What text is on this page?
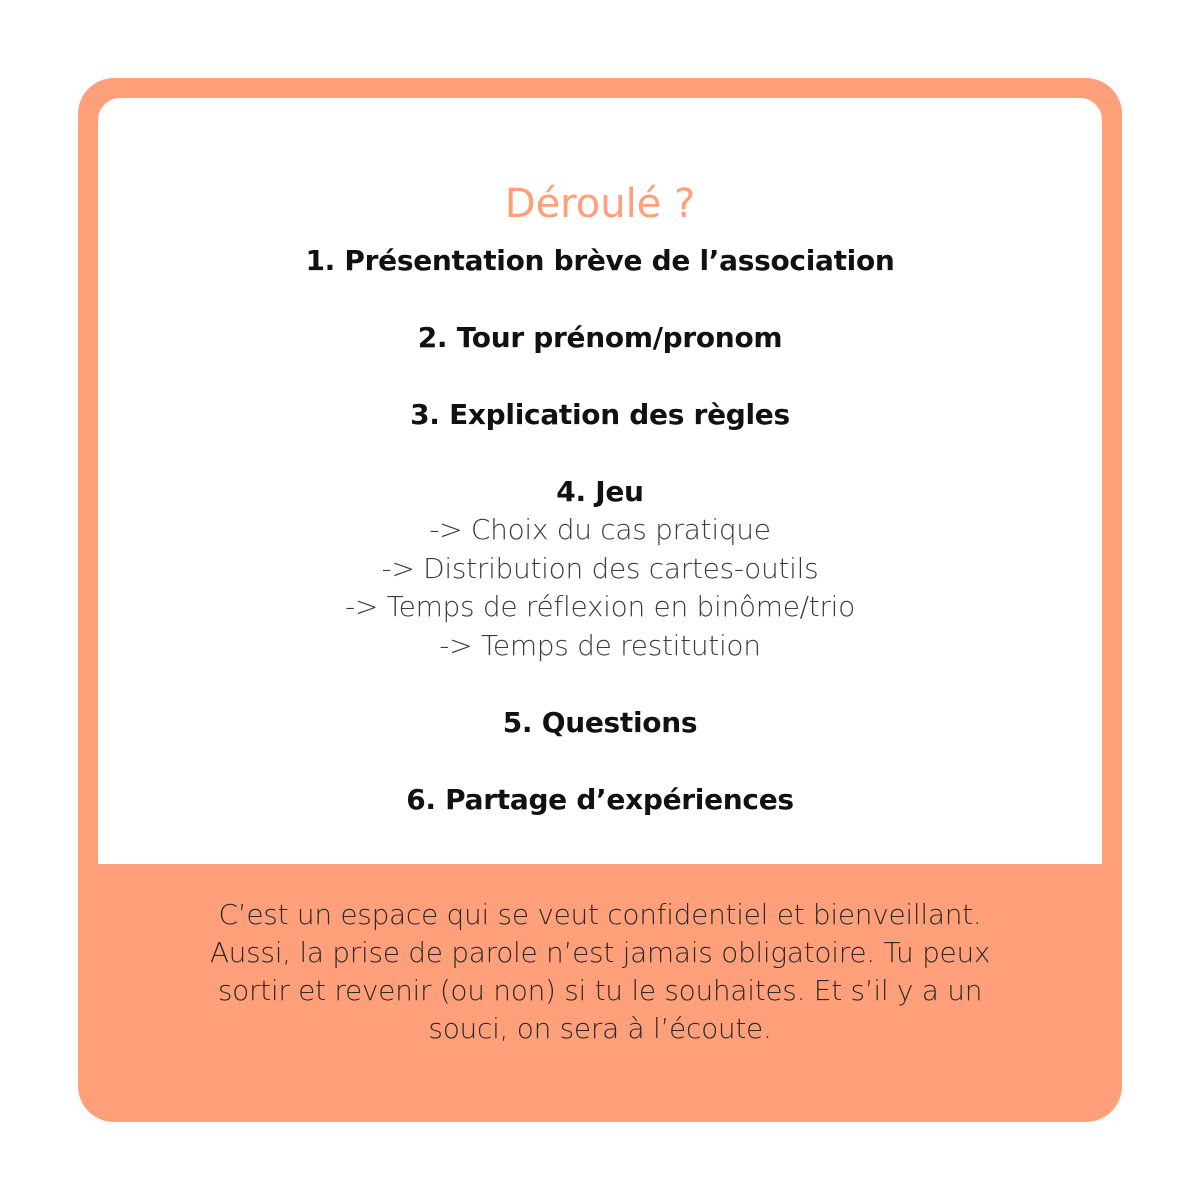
Déroulé ?
1. Présentation brève de l’association
2. Tour prénom/pronom
3. Explication des règles
4. Jeu
-> Choix du cas pratique
-> Distribution des cartes-outils
-> Temps de réflexion en binôme/trio
-> Temps de restitution
5. Questions
6. Partage d’expériences

C’est un espace qui se veut confidentiel et bienveillant.
Aussi, la prise de parole n’est jamais obligatoire. Tu peux
sortir et revenir (ou non) si tu le souhaites. Et s’il y a un
souci, on sera à l’écoute.
